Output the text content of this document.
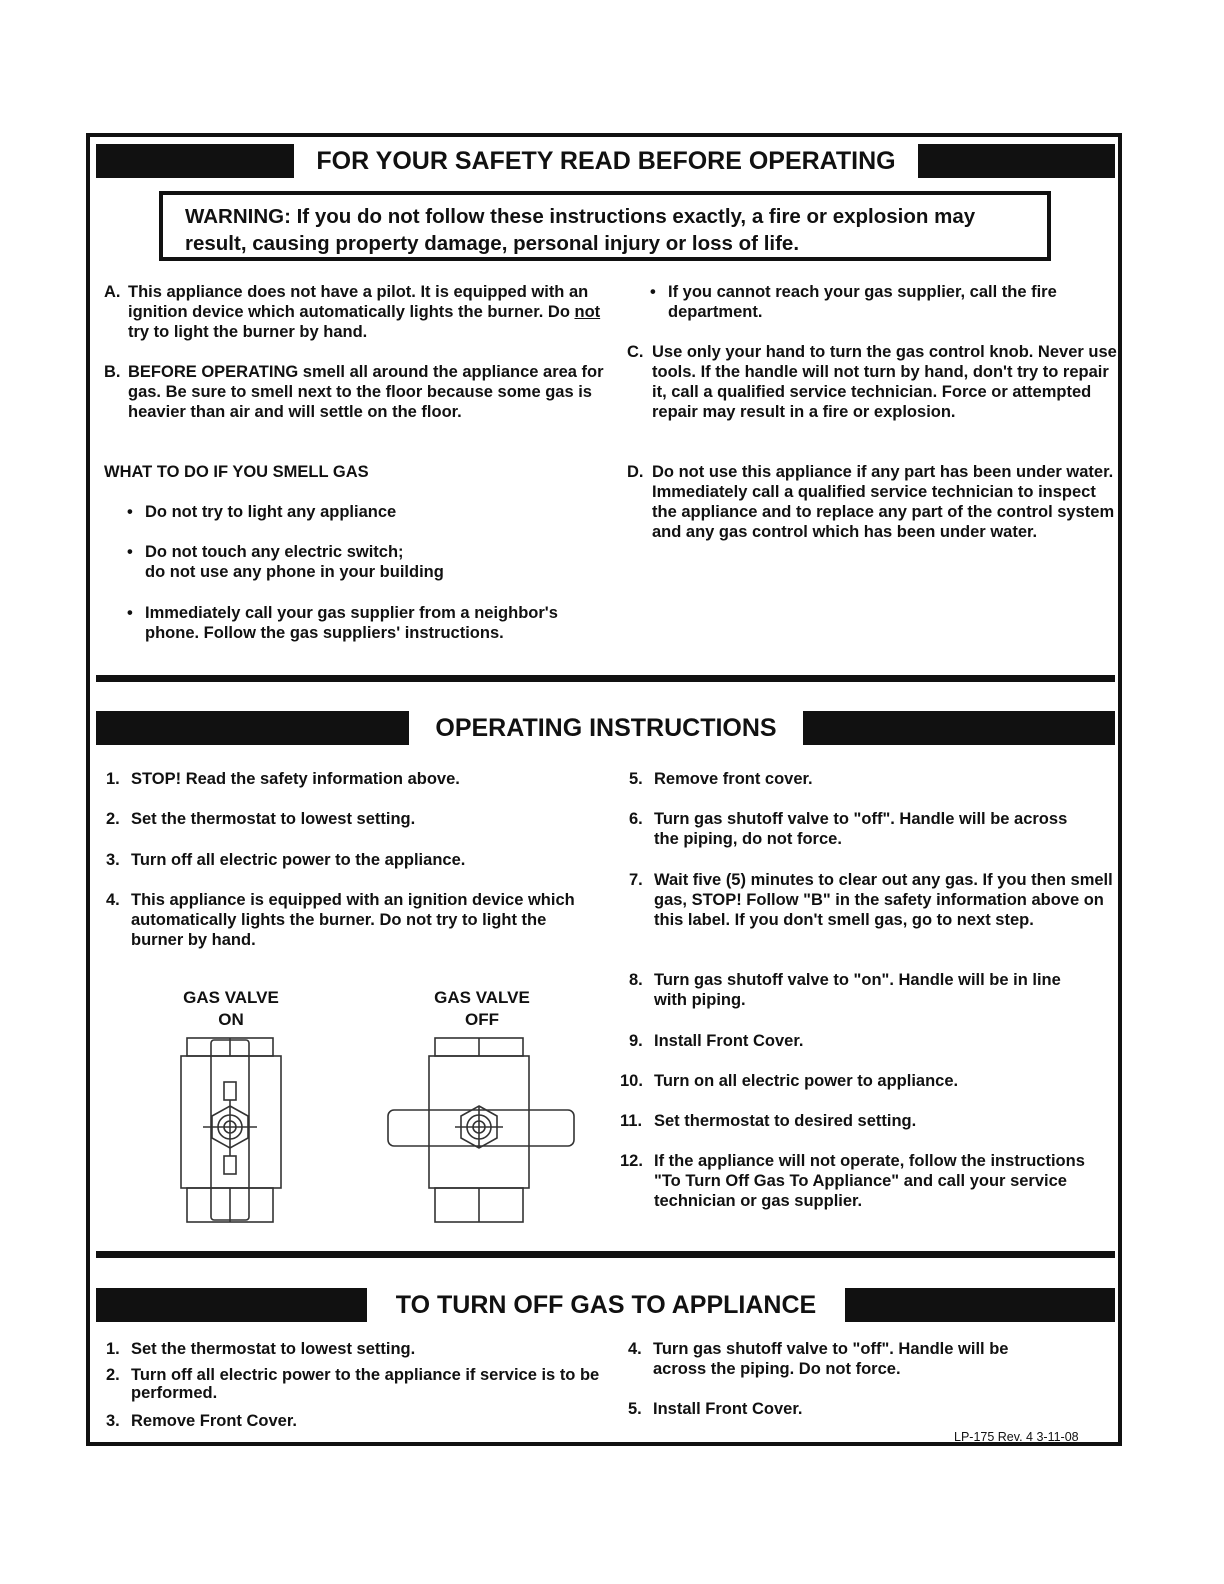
FOR YOUR SAFETY READ BEFORE OPERATING
WARNING: If you do not follow these instructions exactly, a fire or explosion may result, causing property damage, personal injury or loss of life.
A. This appliance does not have a pilot. It is equipped with an ignition device which automatically lights the burner. Do not try to light the burner by hand.
B. BEFORE OPERATING smell all around the appliance area for gas. Be sure to smell next to the floor because some gas is heavier than air and will settle on the floor.
WHAT TO DO IF YOU SMELL GAS
• Do not try to light any appliance
• Do not touch any electric switch;
do not use any phone in your building
• Immediately call your gas supplier from a neighbor's phone. Follow the gas suppliers' instructions.
• If you cannot reach your gas supplier, call the fire department.
C. Use only your hand to turn the gas control knob. Never use tools. If the handle will not turn by hand, don't try to repair it, call a qualified service technician. Force or attempted repair may result in a fire or explosion.
D. Do not use this appliance if any part has been under water. Immediately call a qualified service technician to inspect the appliance and to replace any part of the control system and any gas control which has been under water.
OPERATING INSTRUCTIONS
1. STOP! Read the safety information above.
2. Set the thermostat to lowest setting.
3. Turn off all electric power to the appliance.
4. This appliance is equipped with an ignition device which automatically lights the burner. Do not try to light the burner by hand.
GAS VALVE
ON
GAS VALVE
OFF
5. Remove front cover.
6. Turn gas shutoff valve to "off". Handle will be across the piping, do not force.
7. Wait five (5) minutes to clear out any gas. If you then smell gas, STOP! Follow "B" in the safety information above on this label. If you don't smell gas, go to next step.
8. Turn gas shutoff valve to "on". Handle will be in line with piping.
9. Install Front Cover.
10. Turn on all electric power to appliance.
11. Set thermostat to desired setting.
12. If the appliance will not operate, follow the instructions "To Turn Off Gas To Appliance" and call your service technician or gas supplier.
TO TURN OFF GAS TO APPLIANCE
1. Set the thermostat to lowest setting.
2. Turn off all electric power to the appliance if service is to be performed.
3. Remove Front Cover.
4. Turn gas shutoff valve to "off". Handle will be across the piping. Do not force.
5. Install Front Cover.
LP-175 Rev. 4 3-11-08
